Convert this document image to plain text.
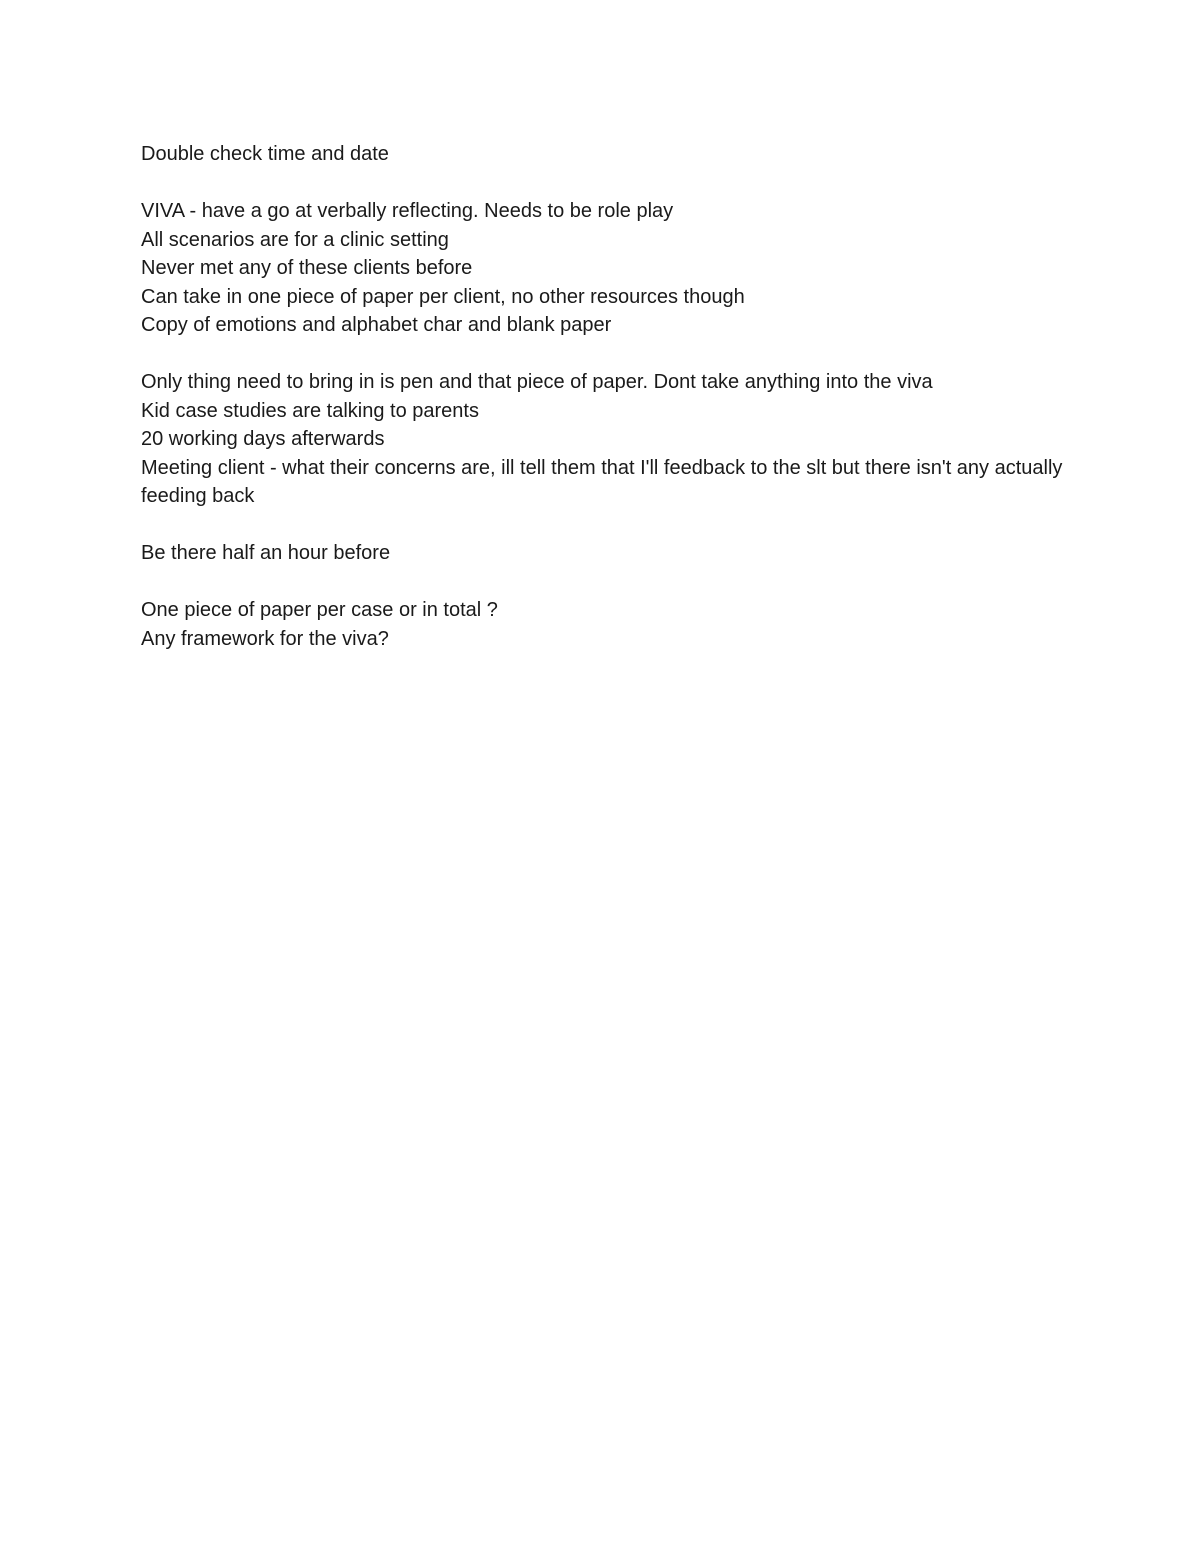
Double check time and date

VIVA - have a go at verbally reflecting. Needs to be role play

All scenarios are for a clinic setting

Never met any of these clients before

Can take in one piece of paper per client, no other resources though

Copy of emotions and alphabet char and blank paper

Only thing need to bring in is pen and that piece of paper. Dont take anything into the viva

Kid case studies are talking to parents

20 working days afterwards

Meeting client - what their concerns are, ill tell them that I'll feedback to the slt but there isn't any actually feeding back

Be there half an hour before

One piece of paper per case or in total ?

Any framework for the viva?
